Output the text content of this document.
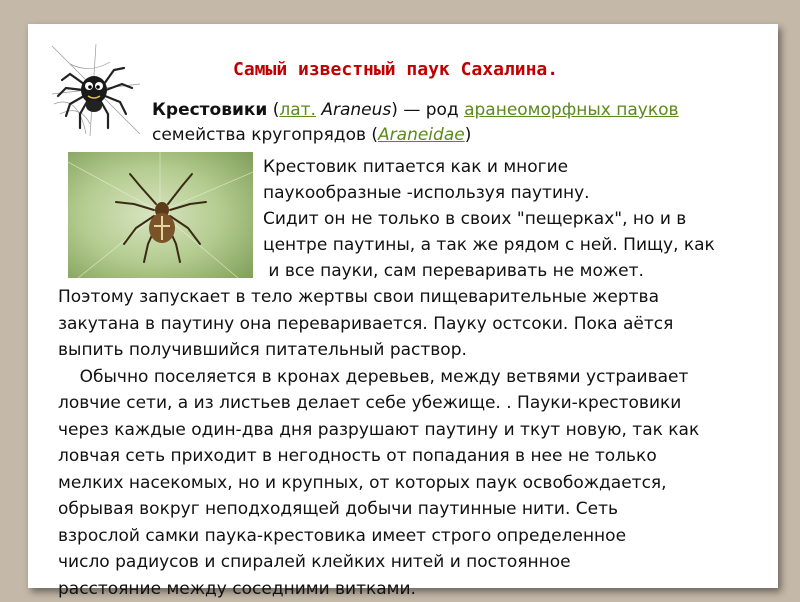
Самый известный паук Сахалина.
Крестовики (лат. Araneus) — род аранеоморфных пауков
семейства кругопрядов (Araneidae)
Крестовик питается как и многие
паукообразные -используя паутину.
Сидит он не только в своих "пещерках", но и в
центре паутины, а так же рядом с ней. Пищу, как
и все пауки, сам переваривать не может.
Поэтому запускает в тело жертвы свои пищеварительные жертва
закутана в паутину она переваривается. Пауку остсоки. Пока аётся
выпить получившийся питательный раствор.
Обычно поселяется в кронах деревьев, между ветвями устраивает
ловчие сети, а из листьев делает себе убежище. . Пауки-крестовики
через каждые один-два дня разрушают паутину и ткут новую, так как
ловчая сеть приходит в негодность от попадания в нее не только
мелких насекомых, но и крупных, от которых паук освобождается,
обрывая вокруг неподходящей добычи паутинные нити. Сеть
взрослой самки паука-крестовика имеет строго определенное
число радиусов и спиралей клейких нитей и постоянное
расстояние между соседними витками.
